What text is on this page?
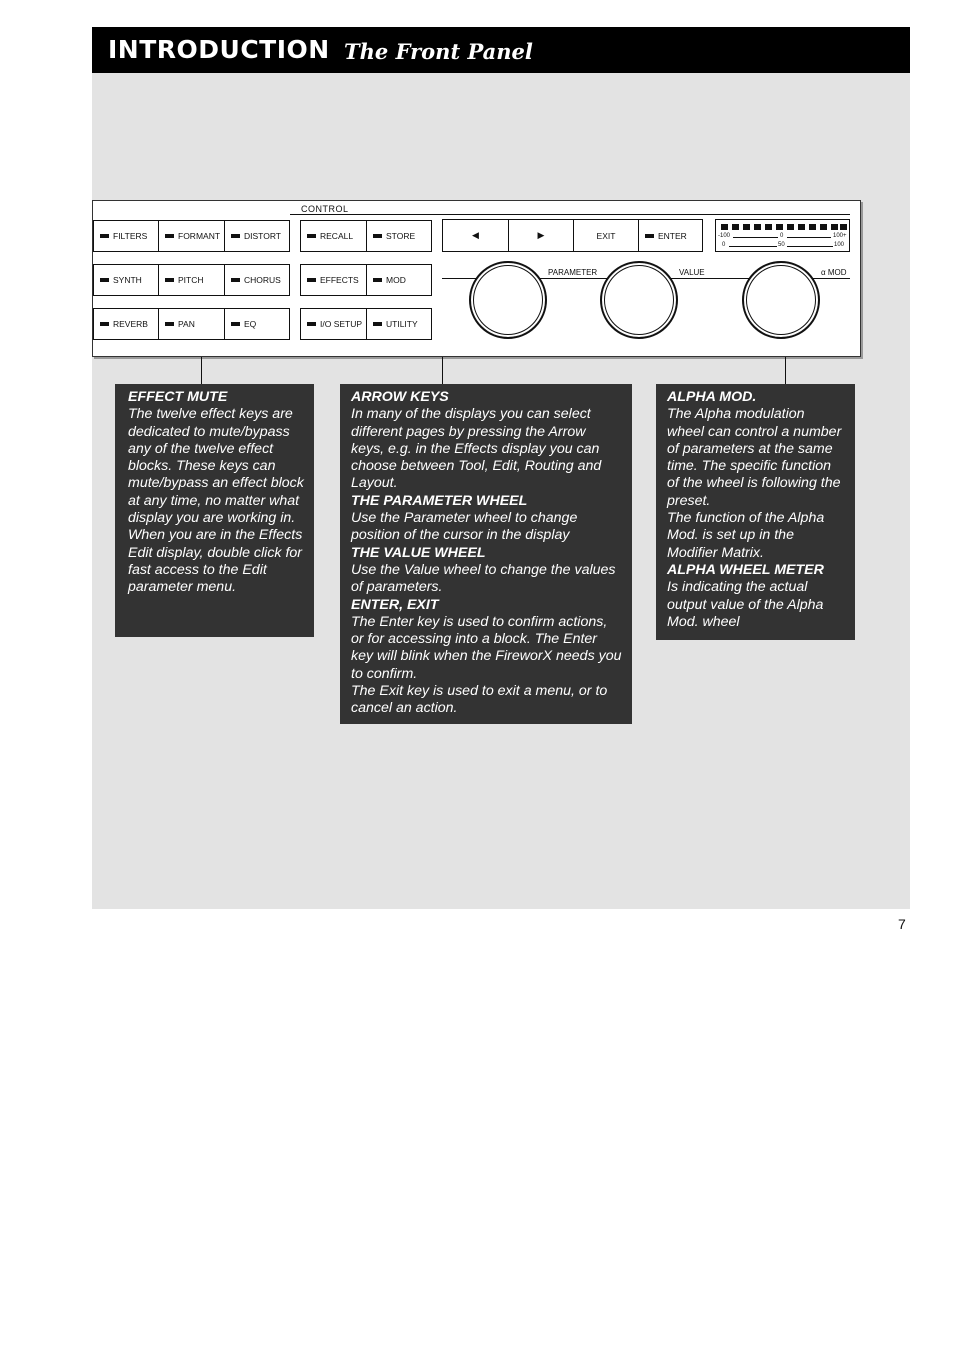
INTRODUCTION The Front Panel
CONTROL
FILTERS	FORMANT	DISTORT
SYNTH	PITCH	CHORUS
REVERB	PAN	EQ
RECALL	STORE
EFFECTS	MOD
I/O SETUP	UTILITY
◀	▶	EXIT	ENTER	-100	0	100+
0	50	100
PARAMETER	VALUE	α MOD

EFFECT MUTE

The twelve effect keys are dedicated to mute/bypass any of the twelve effect blocks. These keys can mute/bypass an effect block at any time, no matter what display you are working in.

When you are in the Effects Edit display, double click for fast access to the Edit parameter menu.

ARROW KEYS

In many of the displays you can select different pages by pressing the Arrow keys, e.g. in the Effects display you can choose between Tool, Edit, Routing and Layout.

THE PARAMETER WHEEL

Use the Parameter wheel to change position of the cursor in the display

THE VALUE WHEEL

Use the Value wheel to change the values of parameters.

ENTER, EXIT

The Enter key is used to confirm actions, or for accessing into a block. The Enter key will blink when the FireworX needs you to confirm.

The Exit key is used to exit a menu, or to cancel an action.

ALPHA MOD.

The Alpha modulation wheel can control a number of parameters at the same time. The specific function of the wheel is following the preset.

The function of the Alpha Mod. is set up in the Modifier Matrix.

ALPHA WHEEL METER

Is indicating the actual output value of the Alpha Mod. wheel

7
